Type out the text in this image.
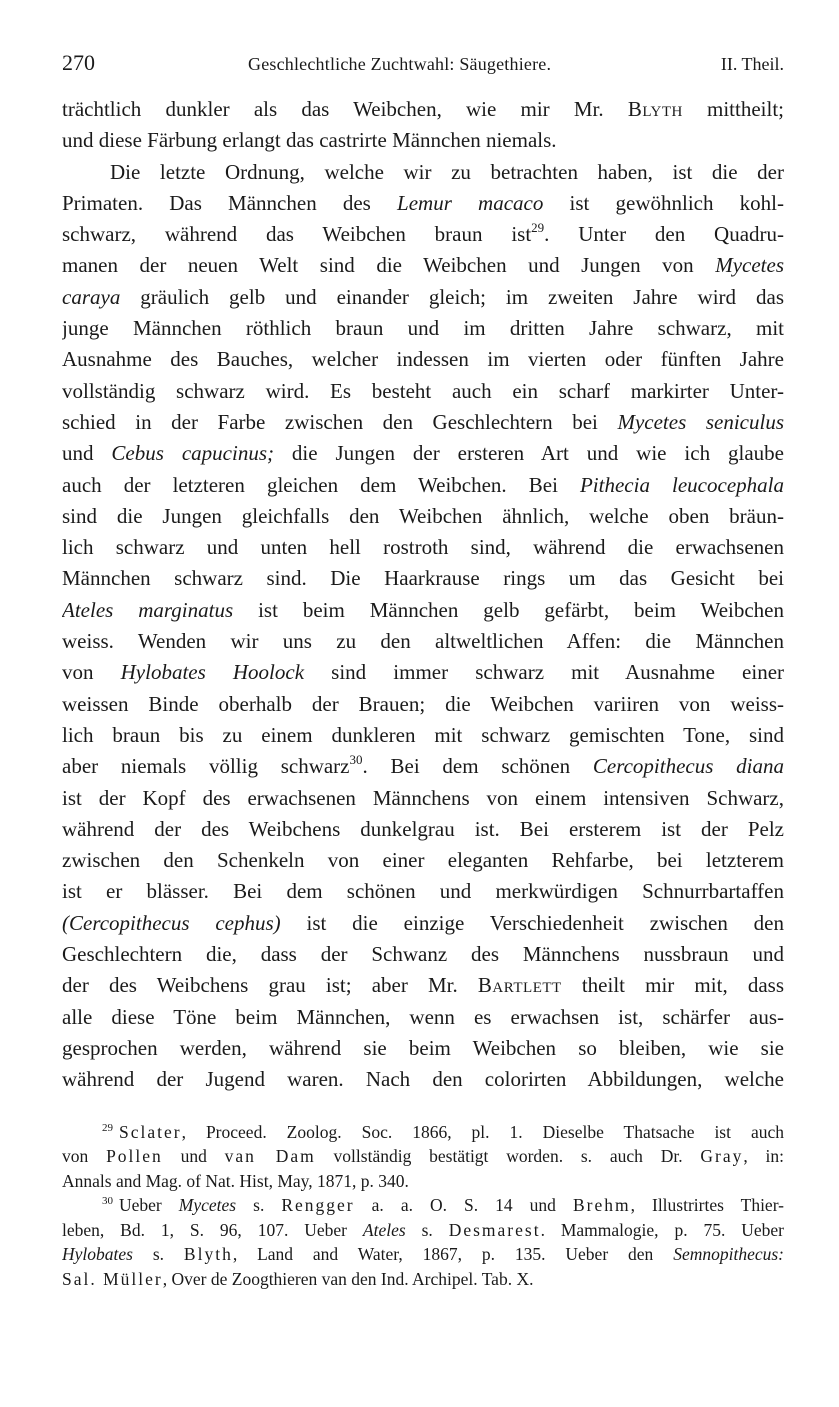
270	Geschlechtliche Zuchtwahl: Säugethiere.	II. Theil.
trächtlich dunkler als das Weibchen, wie mir Mr. Blyth mittheilt;
und diese Färbung erlangt das castrirte Männchen niemals.
Die letzte Ordnung, welche wir zu betrachten haben, ist die der
Primaten. Das Männchen des Lemur macaco ist gewöhnlich kohl-
schwarz, während das Weibchen braun ist$^{29}$. Unter den Quadru-
manen der neuen Welt sind die Weibchen und Jungen von Mycetes
caraya gräulich gelb und einander gleich; im zweiten Jahre wird das
junge Männchen röthlich braun und im dritten Jahre schwarz, mit
Ausnahme des Bauches, welcher indessen im vierten oder fünften Jahre
vollständig schwarz wird. Es besteht auch ein scharf markirter Unter-
schied in der Farbe zwischen den Geschlechtern bei Mycetes seniculus
und Cebus capucinus; die Jungen der ersteren Art und wie ich glaube
auch der letzteren gleichen dem Weibchen. Bei Pithecia leucocephala
sind die Jungen gleichfalls den Weibchen ähnlich, welche oben bräun-
lich schwarz und unten hell rostroth sind, während die erwachsenen
Männchen schwarz sind. Die Haarkrause rings um das Gesicht bei
Ateles marginatus ist beim Männchen gelb gefärbt, beim Weibchen
weiss. Wenden wir uns zu den altweltlichen Affen: die Männchen
von Hylobates Hoolock sind immer schwarz mit Ausnahme einer
weissen Binde oberhalb der Brauen; die Weibchen variiren von weiss-
lich braun bis zu einem dunkleren mit schwarz gemischten Tone, sind
aber niemals völlig schwarz$^{30}$. Bei dem schönen Cercopithecus diana
ist der Kopf des erwachsenen Männchens von einem intensiven Schwarz,
während der des Weibchens dunkelgrau ist. Bei ersterem ist der Pelz
zwischen den Schenkeln von einer eleganten Rehfarbe, bei letzterem
ist er blässer. Bei dem schönen und merkwürdigen Schnurrbartaffen
(Cercopithecus cephus) ist die einzige Verschiedenheit zwischen den
Geschlechtern die, dass der Schwanz des Männchens nussbraun und
der des Weibchens grau ist; aber Mr. Bartlett theilt mir mit, dass
alle diese Töne beim Männchen, wenn es erwachsen ist, schärfer aus-
gesprochen werden, während sie beim Weibchen so bleiben, wie sie
während der Jugend waren. Nach den colorirten Abbildungen, welche
$^{29}$ Sclater, Proceed. Zoolog. Soc. 1866, pl. 1. Dieselbe Thatsache ist auch
von Pollen und van Dam vollständig bestätigt worden. s. auch Dr. Gray, in:
Annals and Mag. of Nat. Hist, May, 1871, p. 340.
$^{30}$ Ueber Mycetes s. Rengger a. a. O. S. 14 und Brehm, Illustrirtes Thier-
leben, Bd. 1, S. 96, 107. Ueber Ateles s. Desmarest. Mammalogie, p. 75. Ueber
Hylobates s. Blyth, Land and Water, 1867, p. 135. Ueber den Semnopithecus:
Sal. Müller, Over de Zoogthieren van den Ind. Archipel. Tab. X.
